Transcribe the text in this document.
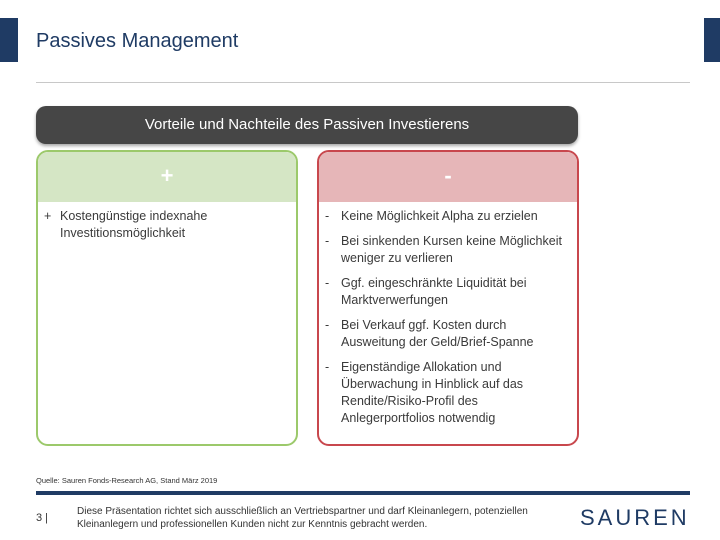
Passives Management
Vorteile und Nachteile des Passiven Investierens
+
+ Kostengünstige indexnahe Investitionsmöglichkeit
-
- Keine Möglichkeit Alpha zu erzielen
- Bei sinkenden Kursen keine Möglichkeit weniger zu verlieren
- Ggf. eingeschränkte Liquidität bei Marktverwerfungen
- Bei Verkauf ggf. Kosten durch Ausweitung der Geld/Brief-Spanne
- Eigenständige Allokation und Überwachung in Hinblick auf das Rendite/Risiko-Profil des Anlegerportfolios notwendig
Quelle: Sauren Fonds-Research AG, Stand März 2019
3 |
Diese Präsentation richtet sich ausschließlich an Vertriebspartner und darf Kleinanlegern, potenziellen Kleinanlegern und professionellen Kunden nicht zur Kenntnis gebracht werden.	SAUREN
